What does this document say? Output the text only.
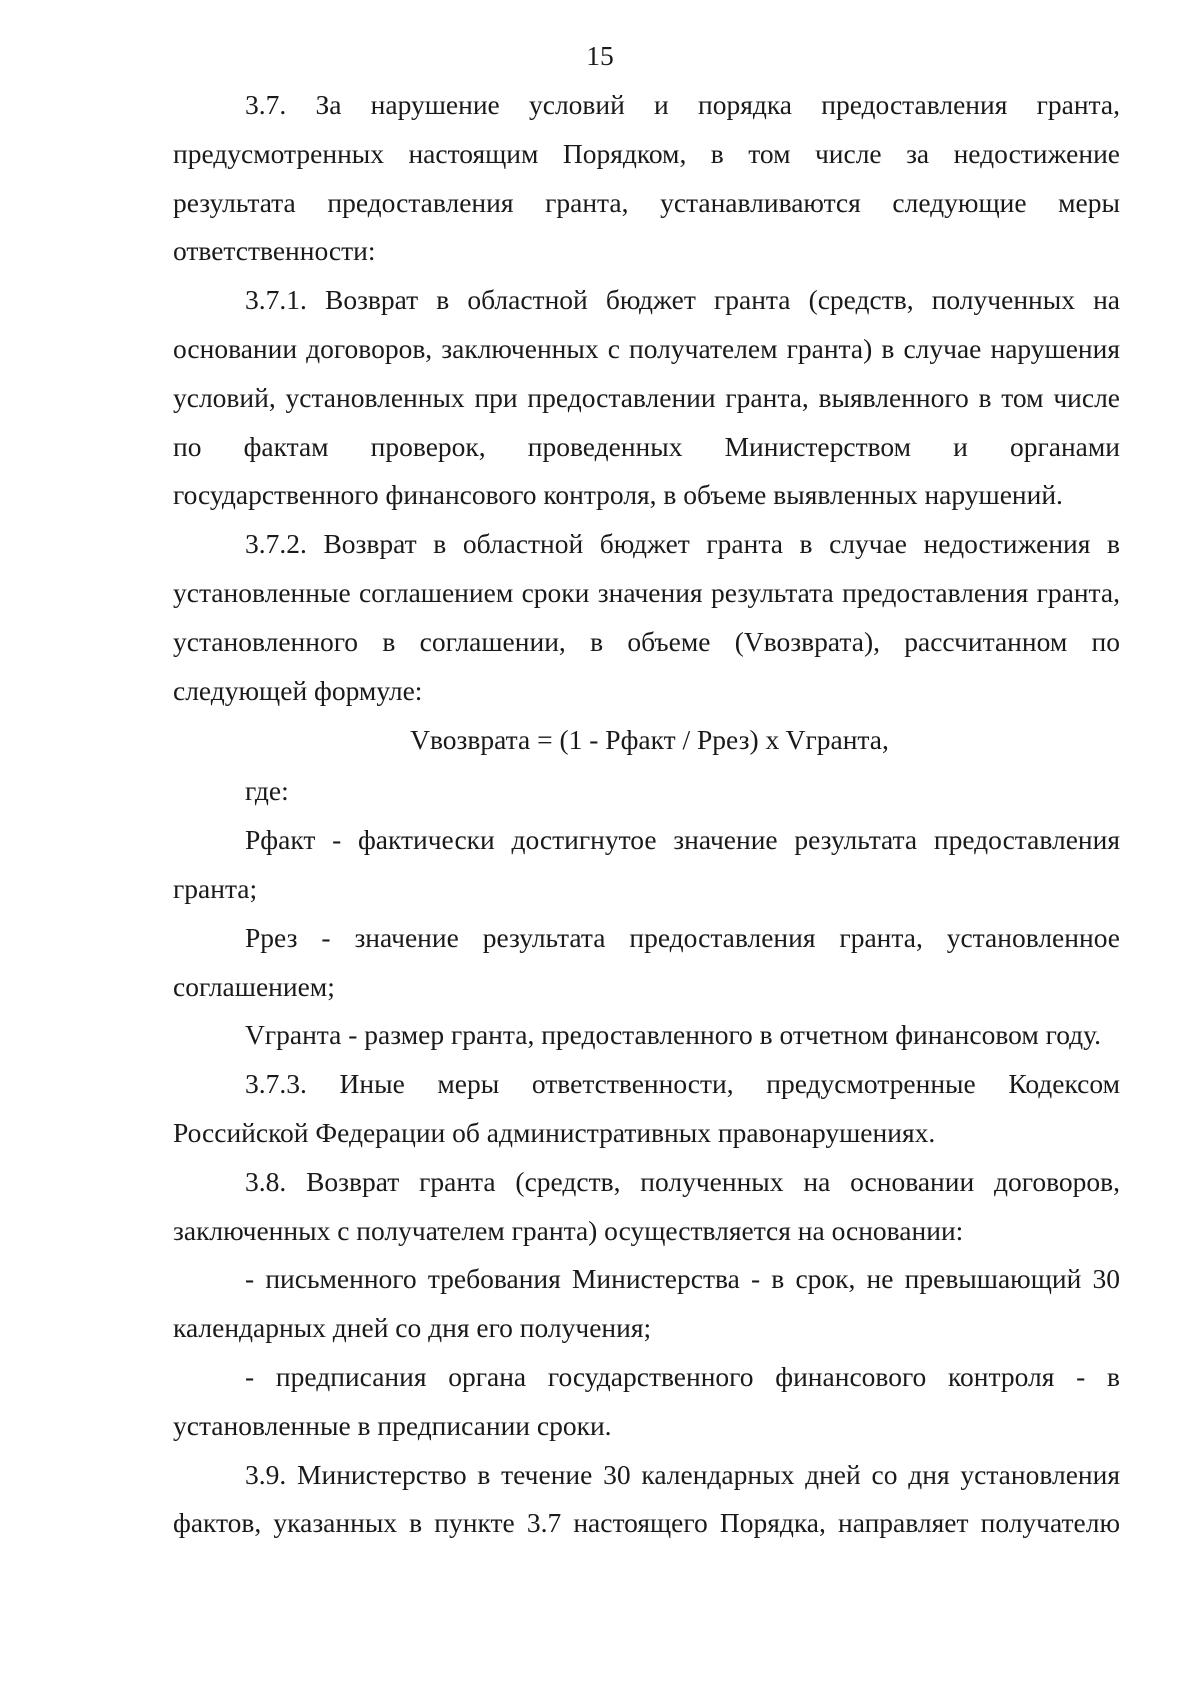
15

3.7. За нарушение условий и порядка предоставления гранта, предусмотренных настоящим Порядком, в том числе за недостижение результата предоставления гранта, устанавливаются следующие меры ответственности:

3.7.1. Возврат в областной бюджет гранта (средств, полученных на основании договоров, заключенных с получателем гранта) в случае нарушения условий, установленных при предоставлении гранта, выявленного в том числе по фактам проверок, проведенных Министерством и органами государственного финансового контроля, в объеме выявленных нарушений.

3.7.2. Возврат в областной бюджет гранта в случае недостижения в установленные соглашением сроки значения результата предоставления гранта, установленного в соглашении, в объеме (Vвозврата), рассчитанном по следующей формуле:

Vвозврата = (1 - Рфакт / Ррез) x Vгранта,

где:

Рфакт - фактически достигнутое значение результата предоставления гранта;

Ррез - значение результата предоставления гранта, установленное соглашением;

Vгранта - размер гранта, предоставленного в отчетном финансовом году.

3.7.3. Иные меры ответственности, предусмотренные Кодексом Российской Федерации об административных правонарушениях.

3.8. Возврат гранта (средств, полученных на основании договоров, заключенных с получателем гранта) осуществляется на основании:

- письменного требования Министерства - в срок, не превышающий 30 календарных дней со дня его получения;

- предписания органа государственного финансового контроля - в установленные в предписании сроки.

3.9. Министерство в течение 30 календарных дней со дня установления фактов, указанных в пункте 3.7 настоящего Порядка, направляет получателю
